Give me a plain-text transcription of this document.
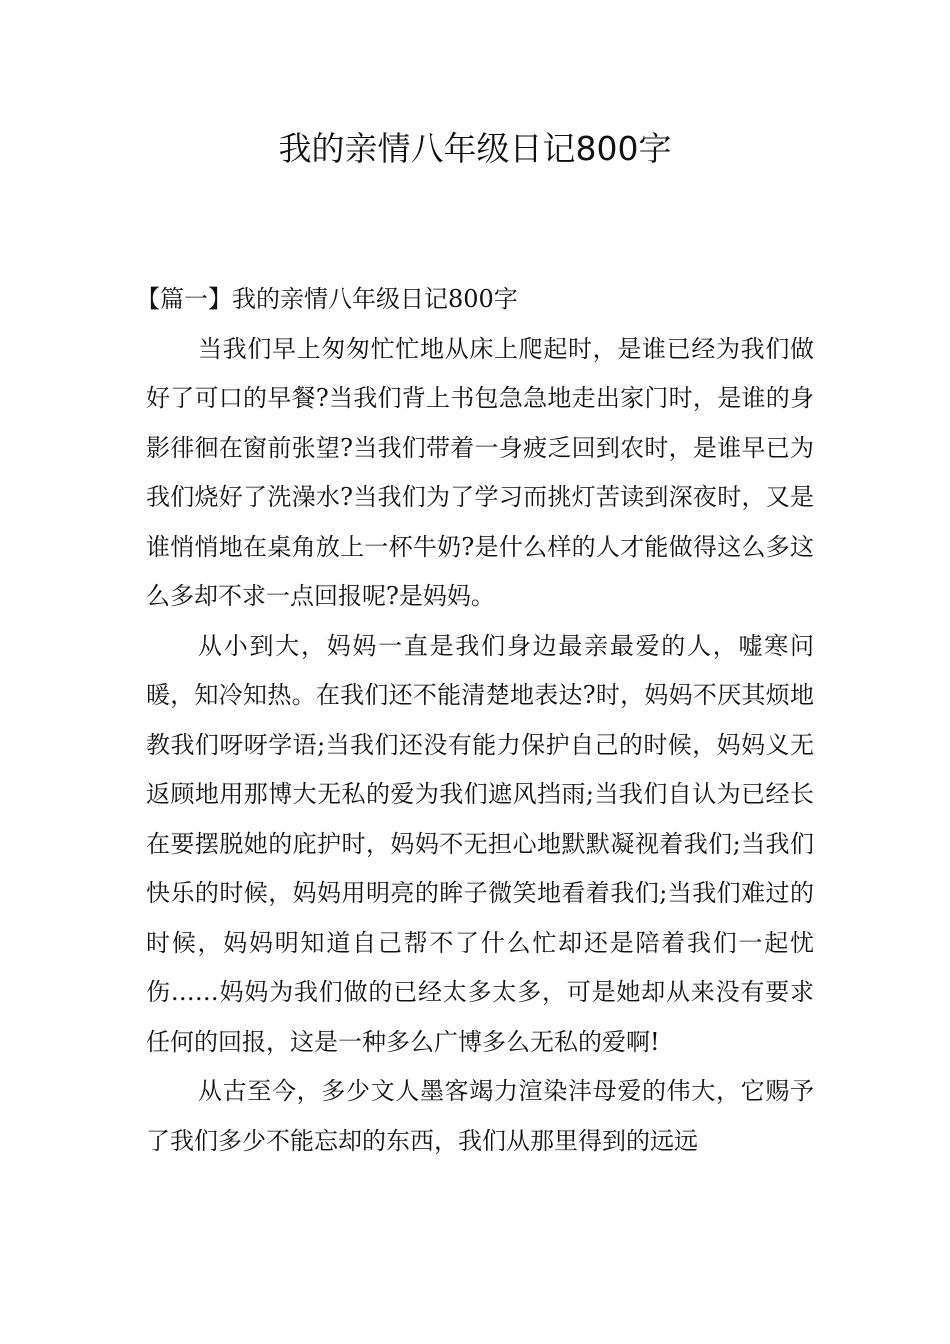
我的亲情八年级日记800字

【篇一】我的亲情八年级日记800字

当我们早上匆匆忙忙地从床上爬起时，是谁已经为我们做好了可口的早餐?当我们背上书包急急地走出家门时，是谁的身影徘徊在窗前张望?当我们带着一身疲乏回到农时，是谁早已为我们烧好了洗澡水?当我们为了学习而挑灯苦读到深夜时，又是谁悄悄地在桌角放上一杯牛奶?是什么样的人才能做得这么多这么多却不求一点回报呢?是妈妈。

从小到大，妈妈一直是我们身边最亲最爱的人，嘘寒问暖，知冷知热。在我们还不能清楚地表达?时，妈妈不厌其烦地教我们呀呀学语;当我们还没有能力保护自己的时候，妈妈义无返顾地用那博大无私的爱为我们遮风挡雨;当我们自认为已经长在要摆脱她的庇护时，妈妈不无担心地默默凝视着我们;当我们快乐的时候，妈妈用明亮的眸子微笑地看着我们;当我们难过的时候，妈妈明知道自己帮不了什么忙却还是陪着我们一起忧伤……妈妈为我们做的已经太多太多，可是她却从来没有要求任何的回报，这是一种多么广博多么无私的爱啊!

从古至今，多少文人墨客竭力渲染沣母爱的伟大，它赐予了我们多少不能忘却的东西，我们从那里得到的远远
